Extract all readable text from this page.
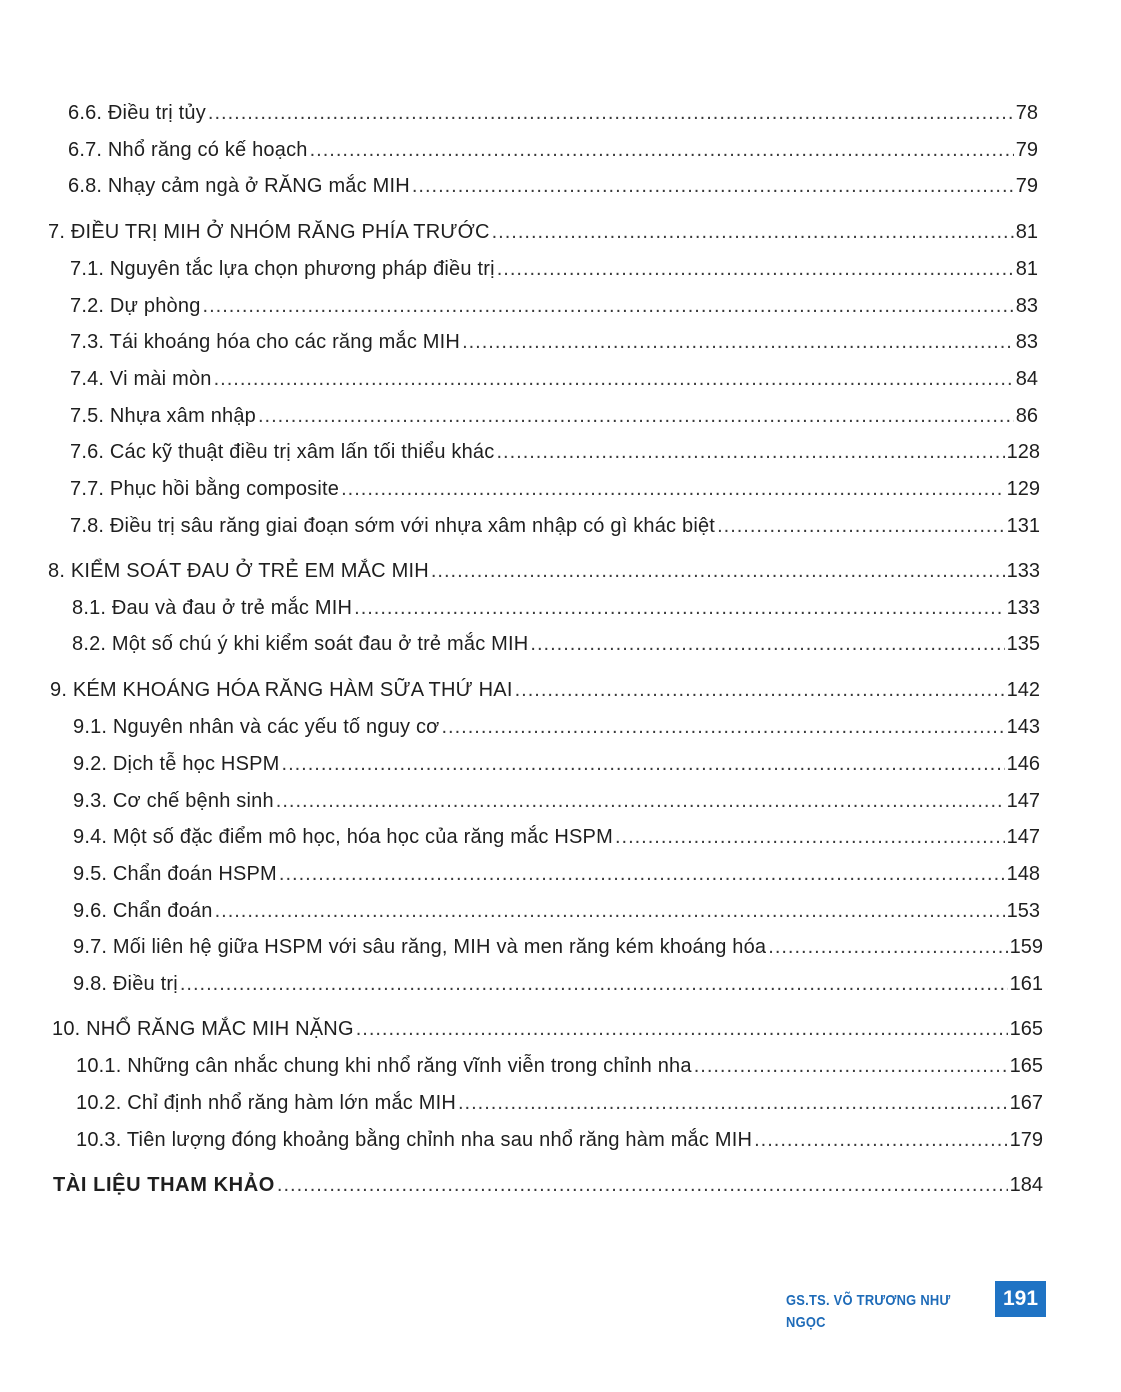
6.6. Điều trị tủy .....	78
6.7. Nhổ răng có kế hoạch .....	79
6.8. Nhạy cảm ngà ở RĂNG mắc MIH .....	79
7. ĐIỀU TRỊ MIH Ở NHÓM RĂNG PHÍA TRƯỚC .....	81
7.1. Nguyên tắc lựa chọn phương pháp điều trị .....	81
7.2. Dự phòng .....	83
7.3. Tái khoáng hóa cho các răng mắc MIH .....	83
7.4. Vi mài mòn .....	84
7.5. Nhựa xâm nhập .....	86
7.6. Các kỹ thuật điều trị xâm lấn tối thiểu khác .....	128
7.7. Phục hồi bằng composite .....	129
7.8. Điều trị sâu răng giai đoạn sớm với nhựa xâm nhập có gì khác biệt .....	131
8. KIỂM SOÁT ĐAU Ở TRẺ EM MẮC MIH .....	133
8.1. Đau và đau ở trẻ mắc MIH .....	133
8.2. Một số chú ý khi kiểm soát đau ở trẻ mắc MIH .....	135
9. KÉM KHOÁNG HÓA RĂNG HÀM SỮA THỨ HAI .....	142
9.1. Nguyên nhân và các yếu tố nguy cơ .....	143
9.2. Dịch tễ học HSPM .....	146
9.3. Cơ chế bệnh sinh .....	147
9.4. Một số đặc điểm mô học, hóa học của răng mắc HSPM .....	147
9.5. Chẩn đoán HSPM .....	148
9.6. Chẩn đoán .....	153
9.7. Mối liên hệ giữa HSPM với sâu răng, MIH và men răng kém khoáng hóa .....	159
9.8. Điều trị .....	161
10. NHỔ RĂNG MẮC MIH NẶNG .....	165
10.1. Những cân nhắc chung khi nhổ răng vĩnh viễn trong chỉnh nha .....	165
10.2. Chỉ định nhổ răng hàm lớn mắc MIH .....	167
10.3. Tiên lượng đóng khoảng bằng chỉnh nha sau nhổ răng hàm mắc MIH .....	179
TÀI LIỆU THAM KHẢO .....	184
GS.TS. VÕ TRƯƠNG NHƯ NGỌC
191
